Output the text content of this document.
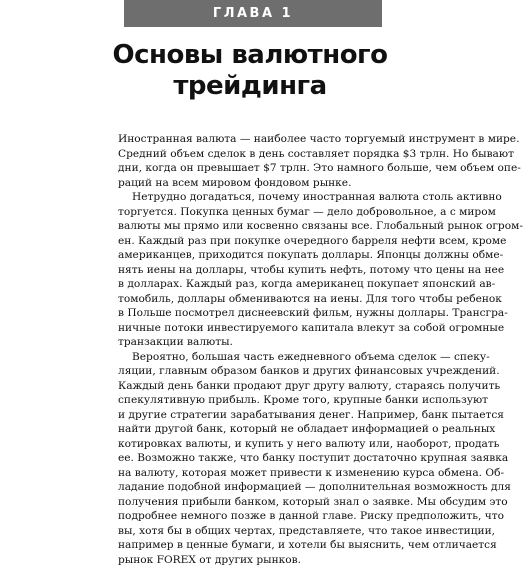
ГЛАВА 1
Основы валютного
трейдинга
Иностранная валюта — наиболее часто торгуемый инструмент в мире.
Средний объем сделок в день составляет порядка $3 трлн. Но бывают
дни, когда он превышает $7 трлн. Это намного больше, чем объем опе-
раций на всем мировом фондовом рынке.
Нетрудно догадаться, почему иностранная валюта столь активно
торгуется. Покупка ценных бумаг — дело добровольное, а с миром
валюты мы прямо или косвенно связаны все. Глобальный рынок огром-
ен. Каждый раз при покупке очередного барреля нефти всем, кроме
американцев, приходится покупать доллары. Японцы должны обме-
нять иены на доллары, чтобы купить нефть, потому что цены на нее
в долларах. Каждый раз, когда американец покупает японский ав-
томобиль, доллары обмениваются на иены. Для того чтобы ребенок
в Польше посмотрел диснеевский фильм, нужны доллары. Трансгра-
ничные потоки инвестируемого капитала влекут за собой огромные
транзакции валюты.
Вероятно, большая часть ежедневного объема сделок — спеку-
ляции, главным образом банков и других финансовых учреждений.
Каждый день банки продают друг другу валюту, стараясь получить
спекулятивную прибыль. Кроме того, крупные банки используют
и другие стратегии зарабатывания денег. Например, банк пытается
найти другой банк, который не обладает информацией о реальных
котировках валюты, и купить у него валюту или, наоборот, продать
ее. Возможно также, что банку поступит достаточно крупная заявка
на валюту, которая может привести к изменению курса обмена. Об-
ладание подобной информацией — дополнительная возможность для
получения прибыли банком, который знал о заявке. Мы обсудим это
подробнее немного позже в данной главе. Риску предположить, что
вы, хотя бы в общих чертах, представляете, что такое инвестиции,
например в ценные бумаги, и хотели бы выяснить, чем отличается
рынок FOREX от других рынков.
